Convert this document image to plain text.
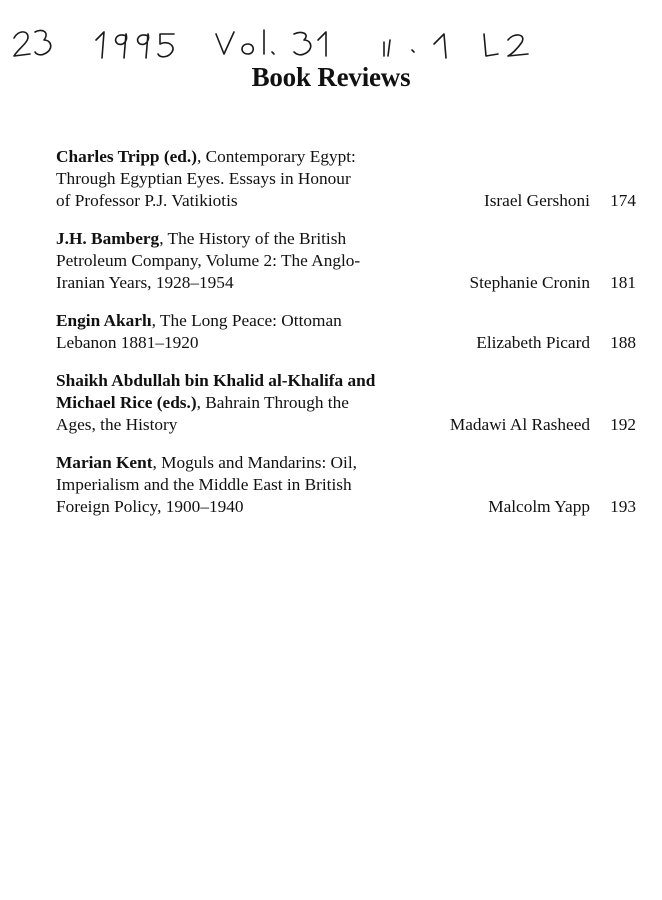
Book Reviews

Charles Tripp (ed.), Contemporary Egypt:
Through Egyptian Eyes. Essays in Honour
of Professor P.J. Vatikiotis	Israel Gershoni 174

J.H. Bamberg, The History of the British
Petroleum Company, Volume 2: The Anglo-
Iranian Years, 1928–1954	Stephanie Cronin 181

Engin Akarlı, The Long Peace: Ottoman
Lebanon 1881–1920	Elizabeth Picard 188

Shaikh Abdullah bin Khalid al-Khalifa and Michael Rice (eds.), Bahrain Through the
Ages, the History	Madawi Al Rasheed 192

Marian Kent, Moguls and Mandarins: Oil,
Imperialism and the Middle East in British
Foreign Policy, 1900–1940	Malcolm Yapp 193
